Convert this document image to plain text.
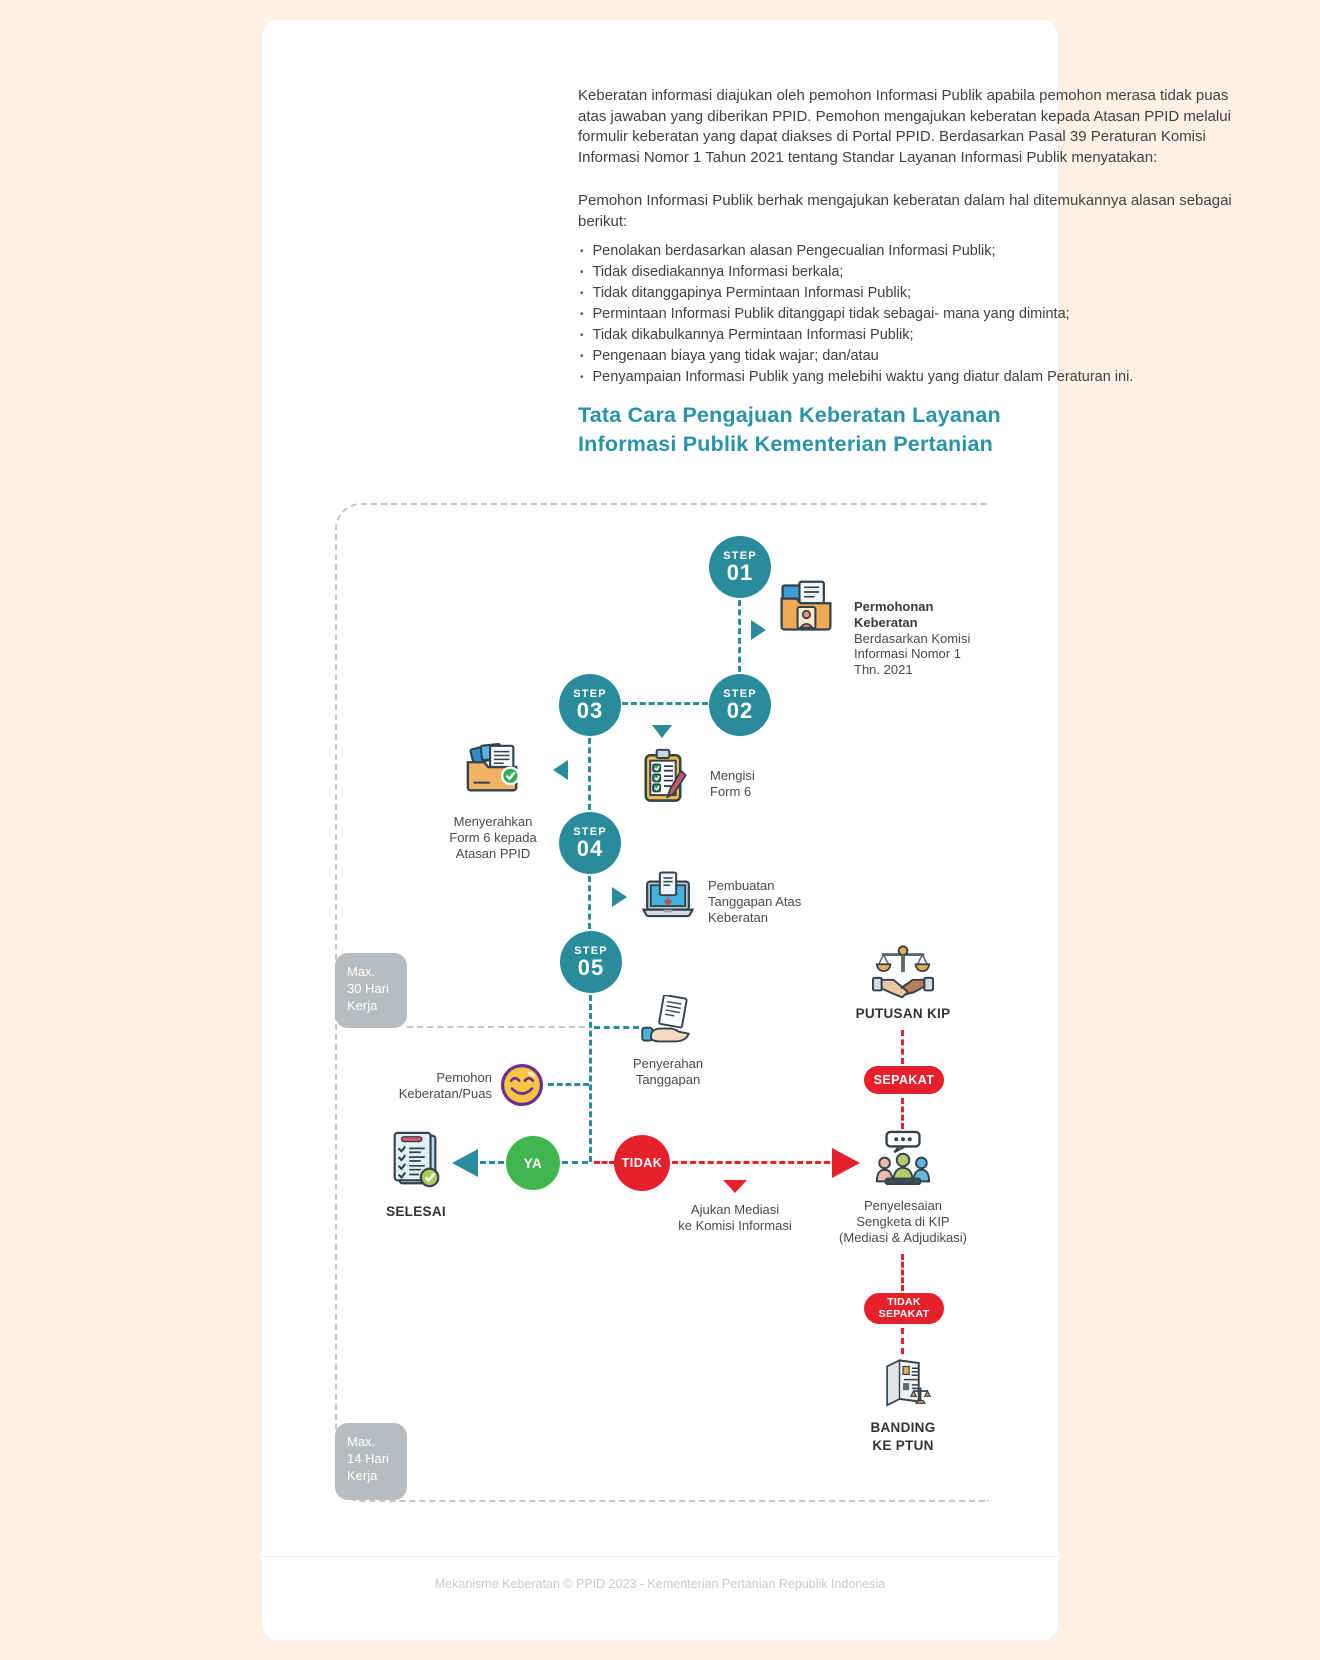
Keberatan informasi diajukan oleh pemohon Informasi Publik apabila pemohon merasa tidak puas atas jawaban yang diberikan PPID. Pemohon mengajukan keberatan kepada Atasan PPID melalui formulir keberatan yang dapat diakses di Portal PPID. Berdasarkan Pasal 39 Peraturan Komisi Informasi Nomor 1 Tahun 2021 tentang Standar Layanan Informasi Publik menyatakan:
Pemohon Informasi Publik berhak mengajukan keberatan dalam hal ditemukannya alasan sebagai berikut:
• Penolakan berdasarkan alasan Pengecualian Informasi Publik;
• Tidak disediakannya Informasi berkala;
• Tidak ditanggapinya Permintaan Informasi Publik;
• Permintaan Informasi Publik ditanggapi tidak sebagai- mana yang diminta;
• Tidak dikabulkannya Permintaan Informasi Publik;
• Pengenaan biaya yang tidak wajar; dan/atau
• Penyampaian Informasi Publik yang melebihi waktu yang diatur dalam Peraturan ini.
Tata Cara Pengajuan Keberatan Layanan
Informasi Publik Kementerian Pertanian
Max.
30 Hari
Kerja
Max.
14 Hari
Kerja
STEP
01
STEP
02
STEP
03
STEP
04
STEP
05
YA	TIDAK
SEPAKAT
TIDAK
SEPAKAT
Permohonan
Keberatan
Berdasarkan Komisi
Informasi Nomor 1
Thn. 2021
Mengisi
Form 6
Menyerahkan
Form 6 kepada
Atasan PPID
Pembuatan
Tanggapan Atas
Keberatan
Penyerahan
Tanggapan
Pemohon
Keberatan/Puas
SELESAI	Ajukan Mediasi
ke Komisi Informasi
PUTUSAN KIP
Penyelesaian
Sengketa di KIP
(Mediasi & Adjudikasi)
BANDING
KE PTUN
Mekanisme Keberatan © PPID 2023 - Kementerian Pertanian Republik Indonesia
